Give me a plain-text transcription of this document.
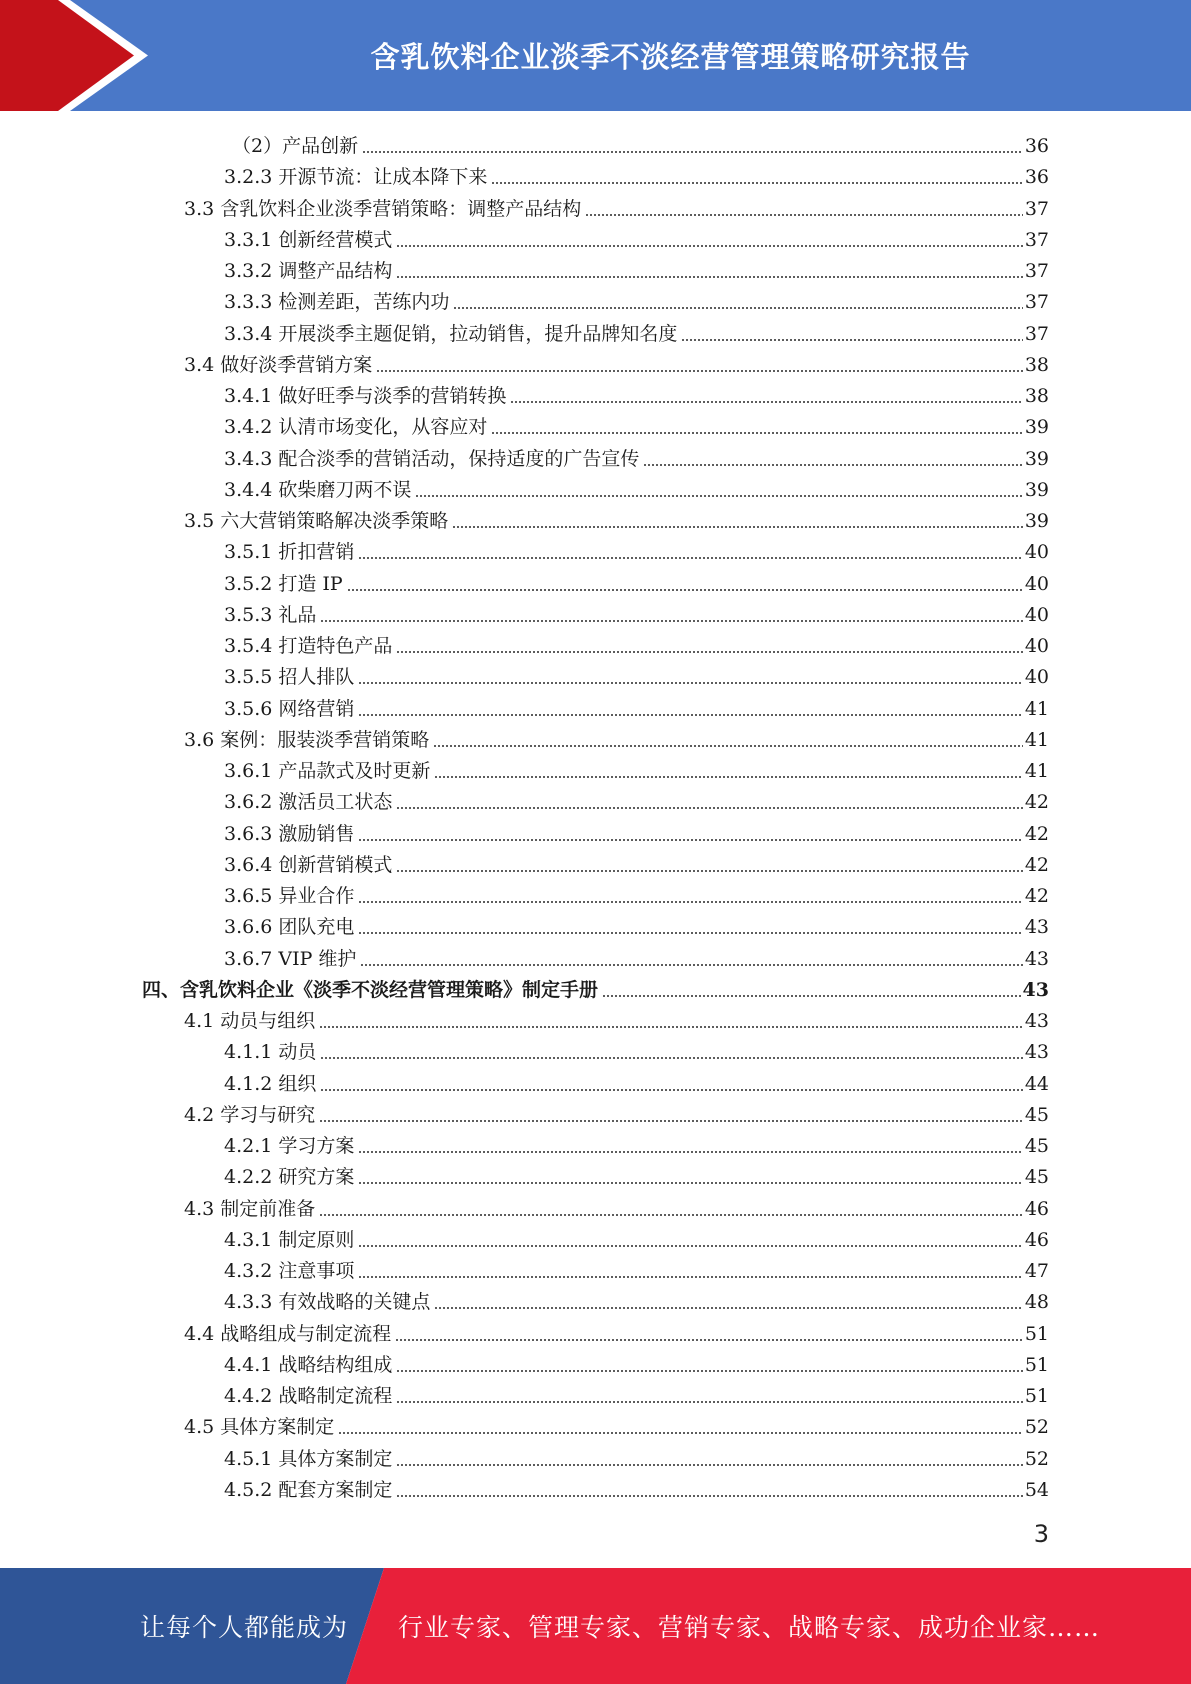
含乳饮料企业淡季不淡经营管理策略研究报告
（2）产品创新	36
3.2.3 开源节流：让成本降下来	36
3.3 含乳饮料企业淡季营销策略：调整产品结构	37
3.3.1 创新经营模式	37
3.3.2 调整产品结构	37
3.3.3 检测差距，苦练内功	37
3.3.4 开展淡季主题促销，拉动销售，提升品牌知名度	37
3.4 做好淡季营销方案	38
3.4.1 做好旺季与淡季的营销转换	38
3.4.2 认清市场变化，从容应对	39
3.4.3 配合淡季的营销活动，保持适度的广告宣传	39
3.4.4 砍柴磨刀两不误	39
3.5 六大营销策略解决淡季策略	39
3.5.1 折扣营销	40
3.5.2 打造 IP	40
3.5.3 礼品	40
3.5.4 打造特色产品	40
3.5.5 招人排队	40
3.5.6 网络营销	41
3.6 案例：服装淡季营销策略	41
3.6.1 产品款式及时更新	41
3.6.2 激活员工状态	42
3.6.3 激励销售	42
3.6.4 创新营销模式	42
3.6.5 异业合作	42
3.6.6 团队充电	43
3.6.7 VIP 维护	43
四、含乳饮料企业《淡季不淡经营管理策略》制定手册	43
4.1 动员与组织	43
4.1.1 动员	43
4.1.2 组织	44
4.2 学习与研究	45
4.2.1 学习方案	45
4.2.2 研究方案	45
4.3 制定前准备	46
4.3.1 制定原则	46
4.3.2 注意事项	47
4.3.3 有效战略的关键点	48
4.4 战略组成与制定流程	51
4.4.1 战略结构组成	51
4.4.2 战略制定流程	51
4.5 具体方案制定	52
4.5.1 具体方案制定	52
4.5.2 配套方案制定	54
3
让每个人都能成为 行业专家、管理专家、营销专家、战略专家、成功企业家……
